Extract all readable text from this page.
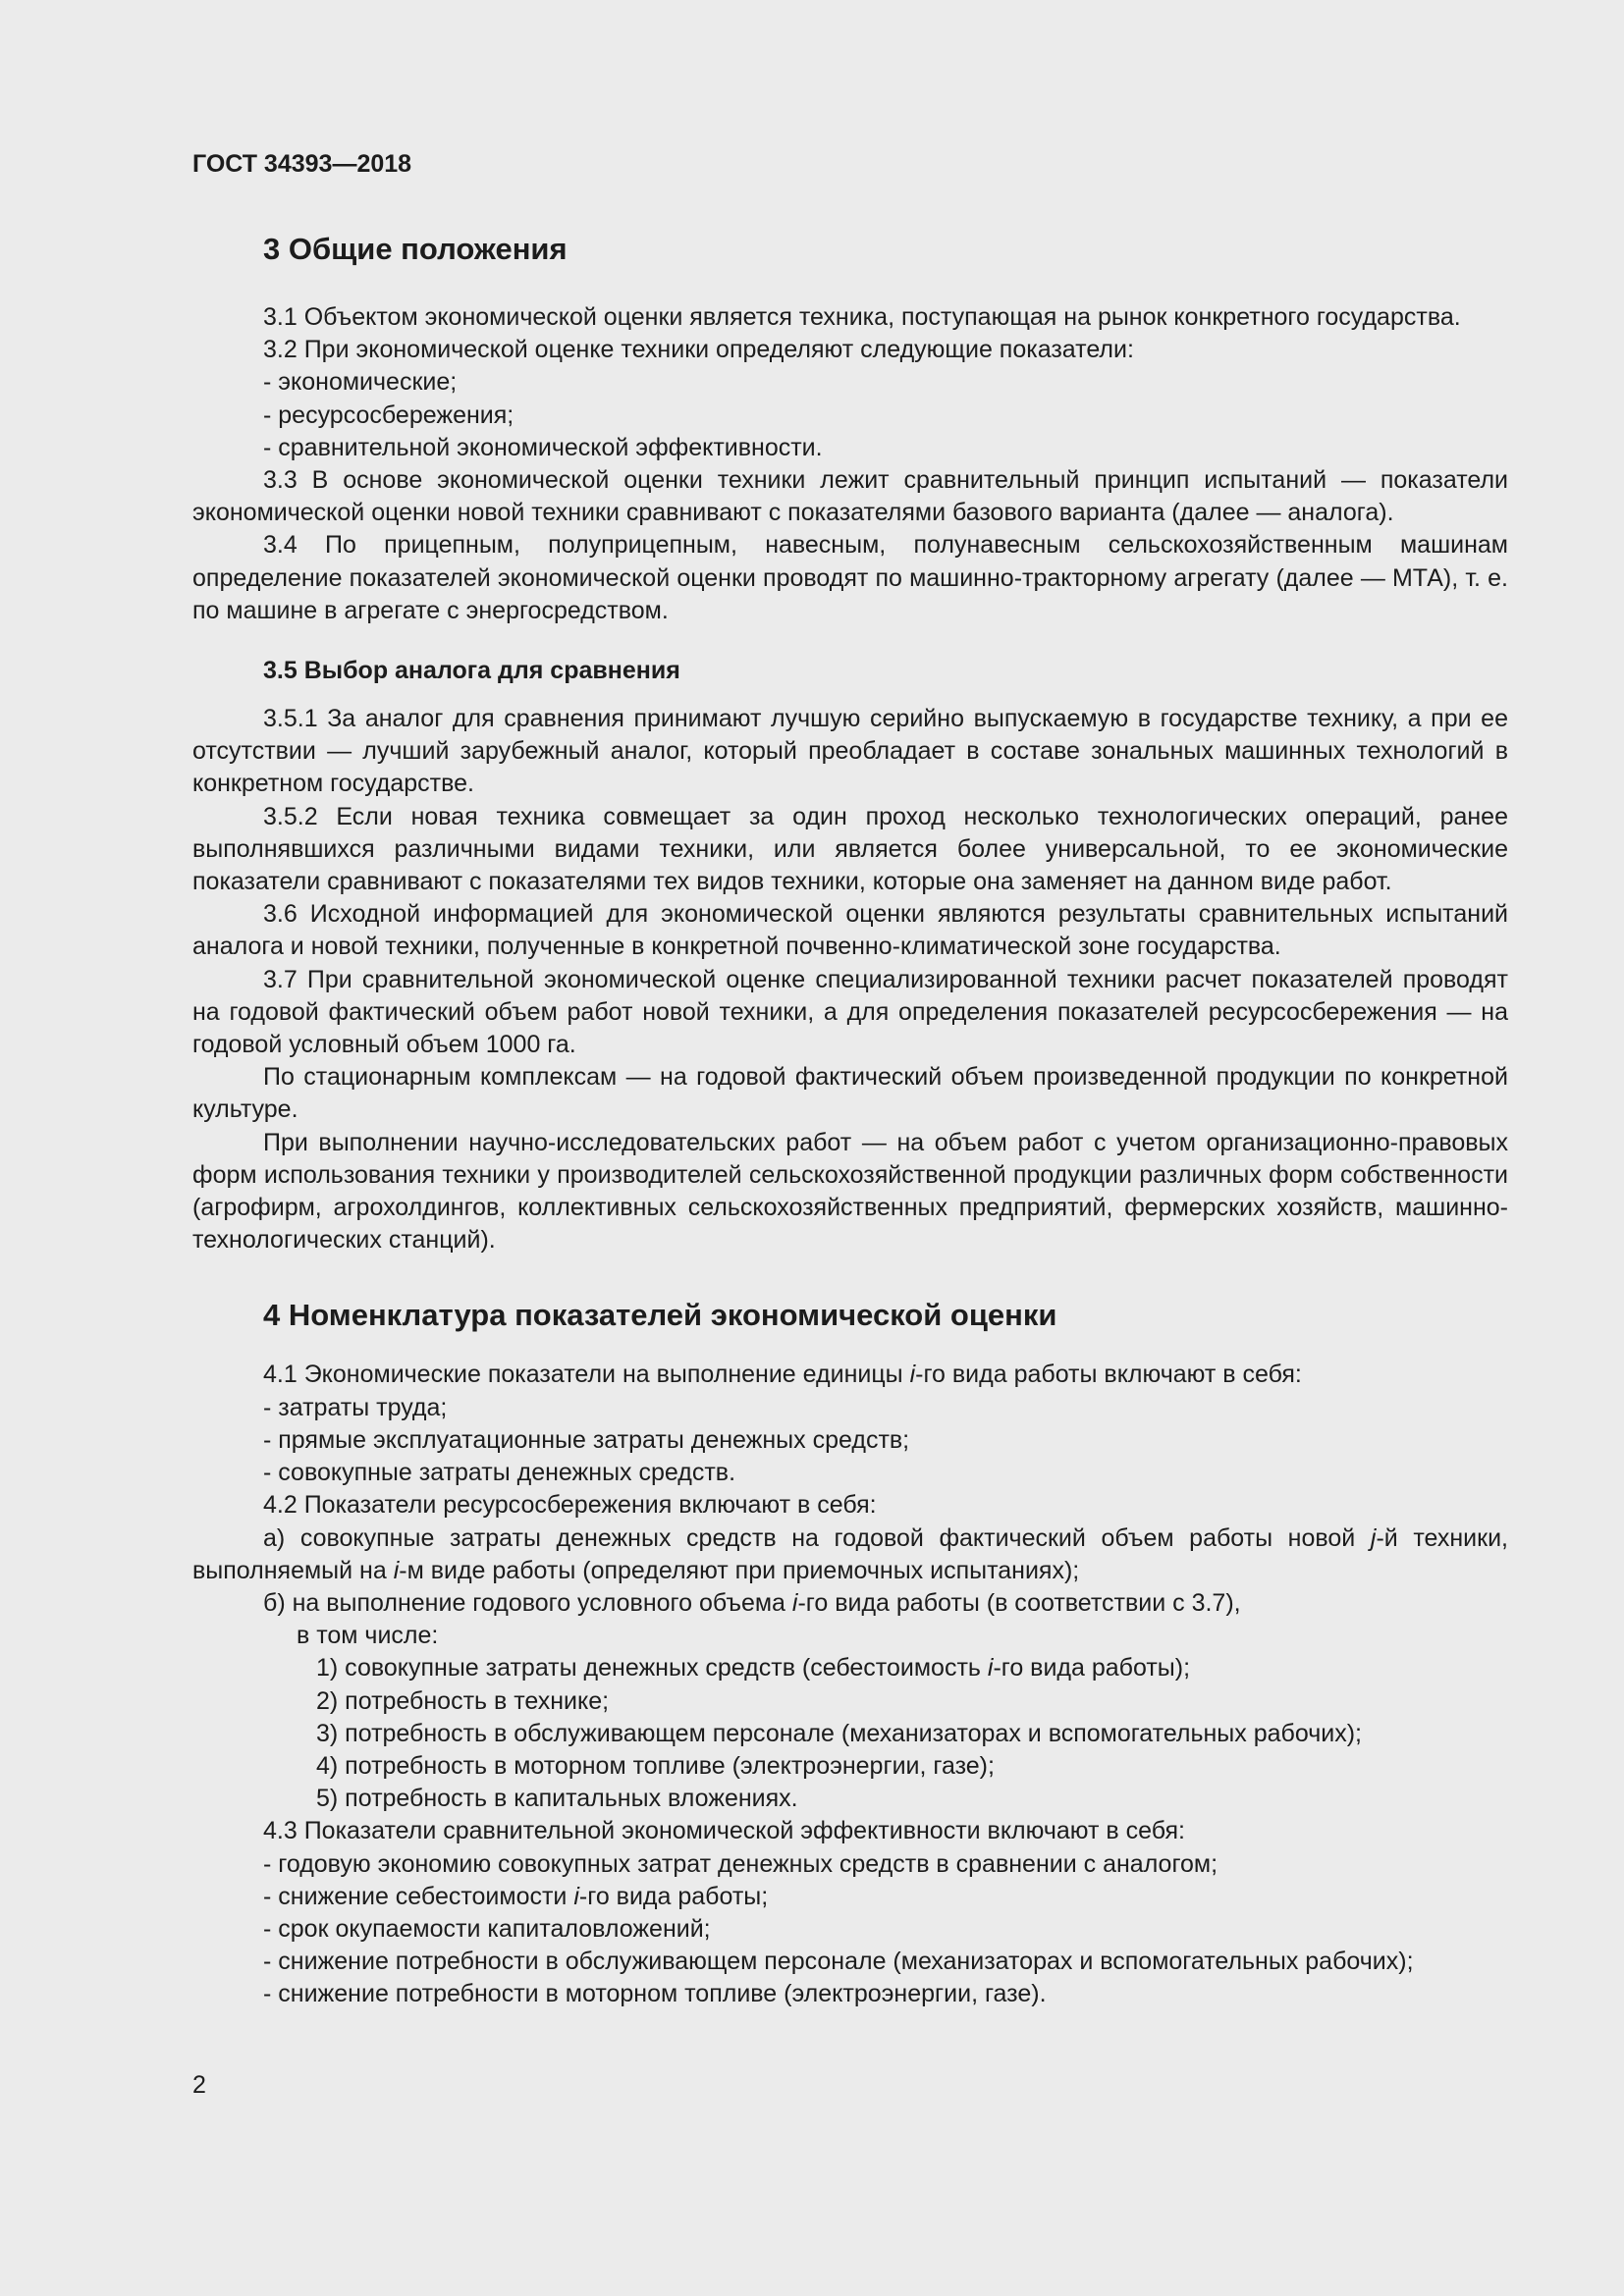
ГОСТ 34393—2018

3 Общие положения

3.1 Объектом экономической оценки является техника, поступающая на рынок конкретного государства.

3.2 При экономической оценке техники определяют следующие показатели:

- экономические;

- ресурсосбережения;

- сравнительной экономической эффективности.

3.3 В основе экономической оценки техники лежит сравнительный принцип испытаний — показатели экономической оценки новой техники сравнивают с показателями базового варианта (далее — аналога).

3.4 По прицепным, полуприцепным, навесным, полунавесным сельскохозяйственным машинам определение показателей экономической оценки проводят по машинно-тракторному агрегату (далее — МТА), т. е. по машине в агрегате с энергосредством.

3.5 Выбор аналога для сравнения

3.5.1 За аналог для сравнения принимают лучшую серийно выпускаемую в государстве технику, а при ее отсутствии — лучший зарубежный аналог, который преобладает в составе зональных машинных технологий в конкретном государстве.

3.5.2 Если новая техника совмещает за один проход несколько технологических операций, ранее выполнявшихся различными видами техники, или является более универсальной, то ее экономические показатели сравнивают с показателями тех видов техники, которые она заменяет на данном виде работ.

3.6 Исходной информацией для экономической оценки являются результаты сравнительных испытаний аналога и новой техники, полученные в конкретной почвенно-климатической зоне государства.

3.7 При сравнительной экономической оценке специализированной техники расчет показателей проводят на годовой фактический объем работ новой техники, а для определения показателей ресурсосбережения — на годовой условный объем 1000 га.

По стационарным комплексам — на годовой фактический объем произведенной продукции по конкретной культуре.

При выполнении научно-исследовательских работ — на объем работ с учетом организационно-правовых форм использования техники у производителей сельскохозяйственной продукции различных форм собственности (агрофирм, агрохолдингов, коллективных сельскохозяйственных предприятий, фермерских хозяйств, машинно-технологических станций).

4 Номенклатура показателей экономической оценки

4.1 Экономические показатели на выполнение единицы i-го вида работы включают в себя:

- затраты труда;

- прямые эксплуатационные затраты денежных средств;

- совокупные затраты денежных средств.

4.2 Показатели ресурсосбережения включают в себя:

а) совокупные затраты денежных средств на годовой фактический объем работы новой j-й техники, выполняемый на i-м виде работы (определяют при приемочных испытаниях);

б) на выполнение годового условного объема i-го вида работы (в соответствии с 3.7),

в том числе:

1) совокупные затраты денежных средств (себестоимость i-го вида работы);

2) потребность в технике;

3) потребность в обслуживающем персонале (механизаторах и вспомогательных рабочих);

4) потребность в моторном топливе (электроэнергии, газе);

5) потребность в капитальных вложениях.

4.3 Показатели сравнительной экономической эффективности включают в себя:

- годовую экономию совокупных затрат денежных средств в сравнении с аналогом;

- снижение себестоимости i-го вида работы;

- срок окупаемости капиталовложений;

- снижение потребности в обслуживающем персонале (механизаторах и вспомогательных рабочих);

- снижение потребности в моторном топливе (электроэнергии, газе).

2
